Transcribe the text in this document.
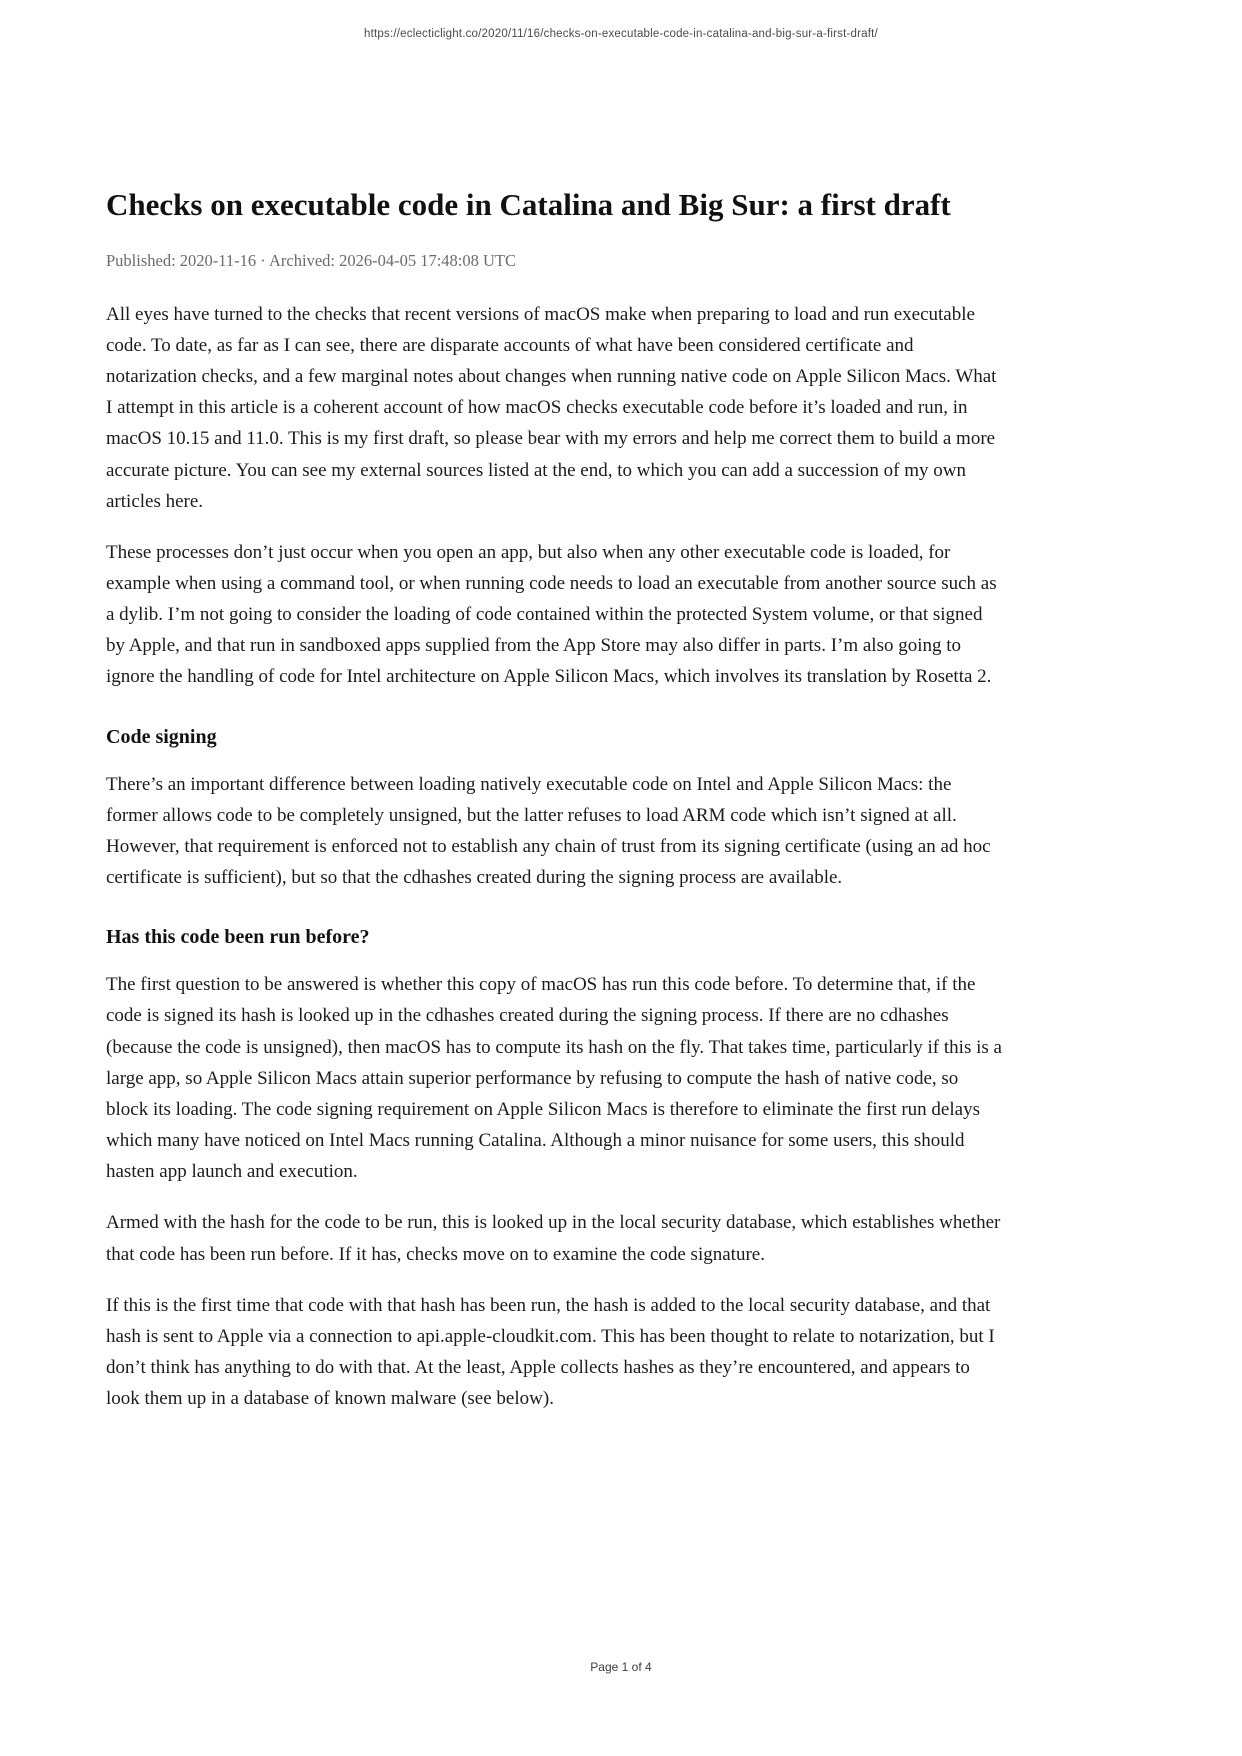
https://eclecticlight.co/2020/11/16/checks-on-executable-code-in-catalina-and-big-sur-a-first-draft/
Checks on executable code in Catalina and Big Sur: a first draft
Published: 2020-11-16 · Archived: 2026-04-05 17:48:08 UTC

All eyes have turned to the checks that recent versions of macOS make when preparing to load and run executable code. To date, as far as I can see, there are disparate accounts of what have been considered certificate and notarization checks, and a few marginal notes about changes when running native code on Apple Silicon Macs. What I attempt in this article is a coherent account of how macOS checks executable code before it’s loaded and run, in macOS 10.15 and 11.0. This is my first draft, so please bear with my errors and help me correct them to build a more accurate picture. You can see my external sources listed at the end, to which you can add a succession of my own articles here.

These processes don’t just occur when you open an app, but also when any other executable code is loaded, for example when using a command tool, or when running code needs to load an executable from another source such as a dylib. I’m not going to consider the loading of code contained within the protected System volume, or that signed by Apple, and that run in sandboxed apps supplied from the App Store may also differ in parts. I’m also going to ignore the handling of code for Intel architecture on Apple Silicon Macs, which involves its translation by Rosetta 2.

Code signing

There’s an important difference between loading natively executable code on Intel and Apple Silicon Macs: the former allows code to be completely unsigned, but the latter refuses to load ARM code which isn’t signed at all. However, that requirement is enforced not to establish any chain of trust from its signing certificate (using an ad hoc certificate is sufficient), but so that the cdhashes created during the signing process are available.

Has this code been run before?

The first question to be answered is whether this copy of macOS has run this code before. To determine that, if the code is signed its hash is looked up in the cdhashes created during the signing process. If there are no cdhashes (because the code is unsigned), then macOS has to compute its hash on the fly. That takes time, particularly if this is a large app, so Apple Silicon Macs attain superior performance by refusing to compute the hash of native code, so block its loading. The code signing requirement on Apple Silicon Macs is therefore to eliminate the first run delays which many have noticed on Intel Macs running Catalina. Although a minor nuisance for some users, this should hasten app launch and execution.

Armed with the hash for the code to be run, this is looked up in the local security database, which establishes whether that code has been run before. If it has, checks move on to examine the code signature.

If this is the first time that code with that hash has been run, the hash is added to the local security database, and that hash is sent to Apple via a connection to api.apple-cloudkit.com. This has been thought to relate to notarization, but I don’t think has anything to do with that. At the least, Apple collects hashes as they’re encountered, and appears to look them up in a database of known malware (see below).

Page 1 of 4
